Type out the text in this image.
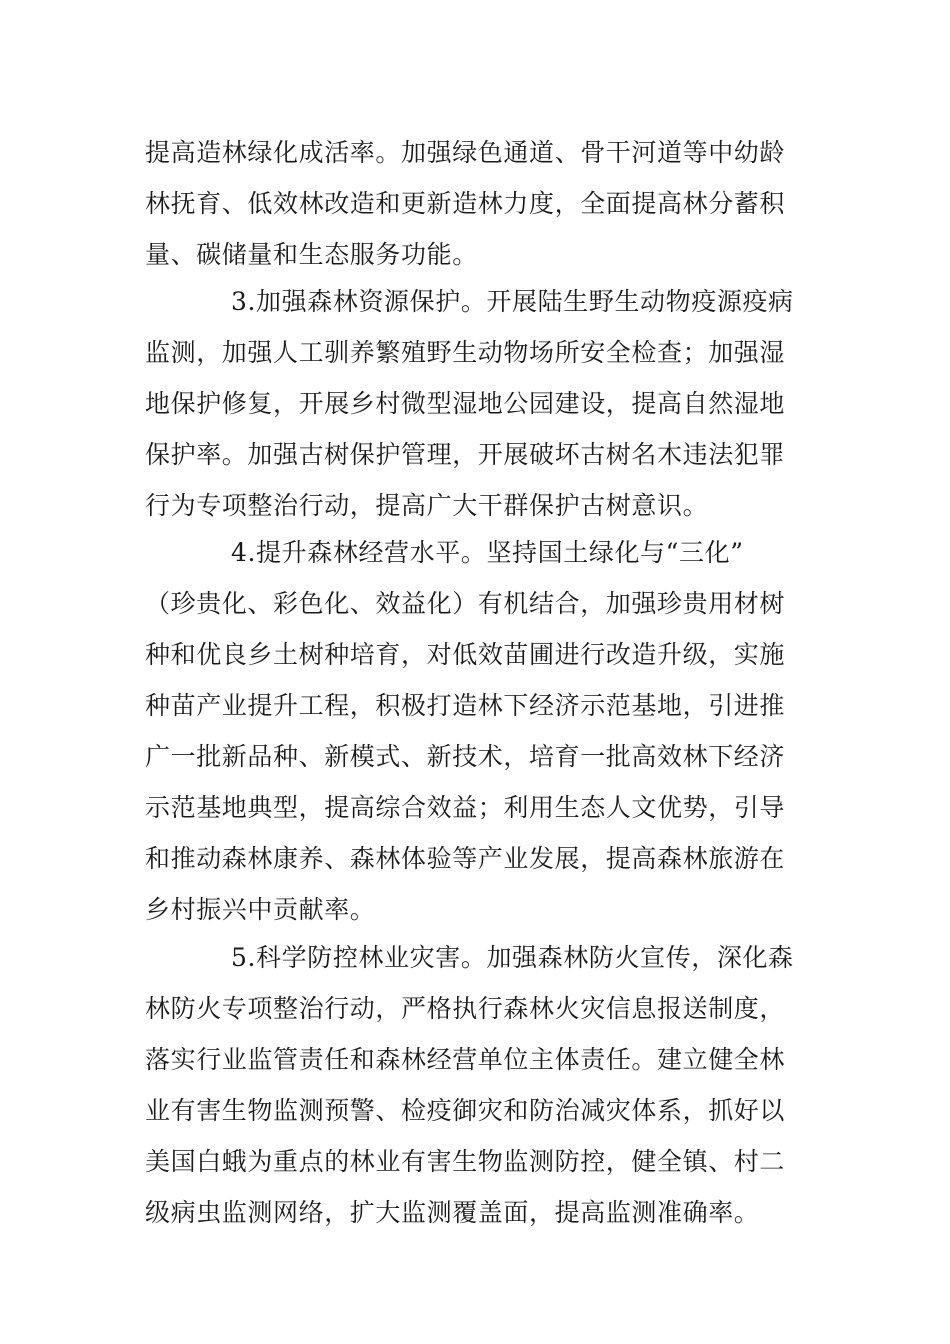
提高造林绿化成活率。加强绿色通道、骨干河道等中幼龄
林抚育、低效林改造和更新造林力度，全面提高林分蓄积
量、碳储量和生态服务功能。

3.加强森林资源保护。开展陆生野生动物疫源疫病
监测，加强人工驯养繁殖野生动物场所安全检查；加强湿
地保护修复，开展乡村微型湿地公园建设，提高自然湿地
保护率。加强古树保护管理，开展破坏古树名木违法犯罪
行为专项整治行动，提高广大干群保护古树意识。

4.提升森林经营水平。坚持国土绿化与“三化”
（珍贵化、彩色化、效益化）有机结合，加强珍贵用材树
种和优良乡土树种培育，对低效苗圃进行改造升级，实施
种苗产业提升工程，积极打造林下经济示范基地，引进推
广一批新品种、新模式、新技术，培育一批高效林下经济
示范基地典型，提高综合效益；利用生态人文优势，引导
和推动森林康养、森林体验等产业发展，提高森林旅游在
乡村振兴中贡献率。

5.科学防控林业灾害。加强森林防火宣传，深化森
林防火专项整治行动，严格执行森林火灾信息报送制度，
落实行业监管责任和森林经营单位主体责任。建立健全林
业有害生物监测预警、检疫御灾和防治减灾体系，抓好以
美国白蛾为重点的林业有害生物监测防控，健全镇、村二
级病虫监测网络，扩大监测覆盖面，提高监测准确率。
